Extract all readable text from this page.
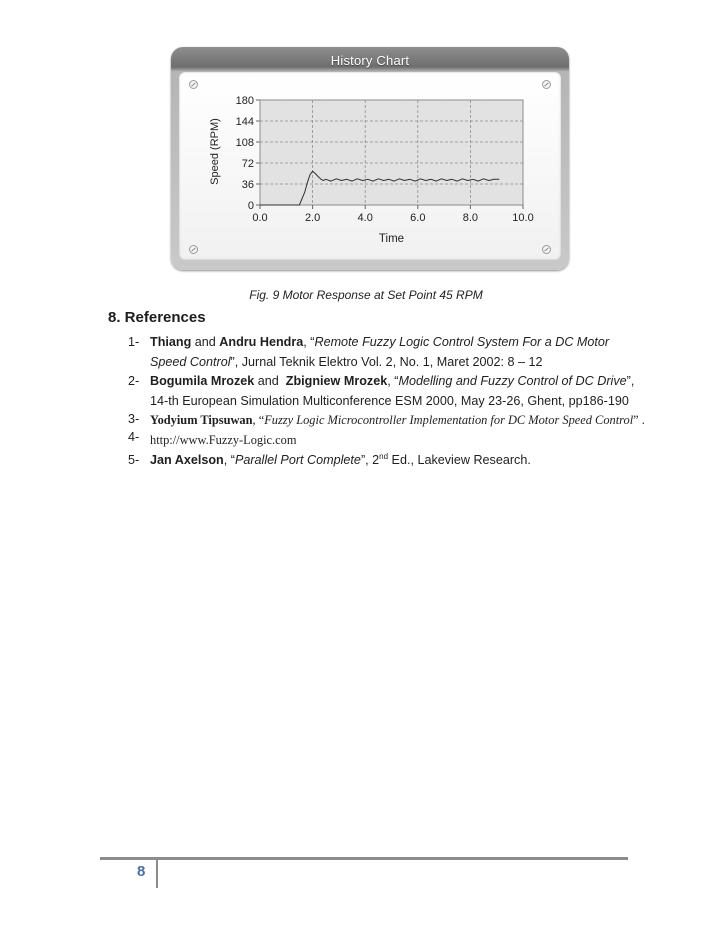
History Chart
0
36
72
108
144
180
0.0	2.0	4.0	6.0	8.0	10.0
Time
Speed (RPM)
Fig. 9 Motor Response at Set Point 45 RPM
8. References
1- Thiang and Andru Hendra, “Remote Fuzzy Logic Control System For a DC Motor Speed Control”, Jurnal Teknik Elektro Vol. 2, No. 1, Maret 2002: 8 – 12
2- Bogumila Mrozek and  Zbigniew Mrozek, “Modelling and Fuzzy Control of DC Drive”, 14-th European Simulation Multiconference ESM 2000, May 23-26, Ghent, pp186-190
3- Yodyium Tipsuwan, “Fuzzy Logic Microcontroller Implementation for DC Motor Speed Control” .
4- http://www.Fuzzy-Logic.com
5- Jan Axelson, “Parallel Port Complete”, 2nd Ed., Lakeview Research.
8
